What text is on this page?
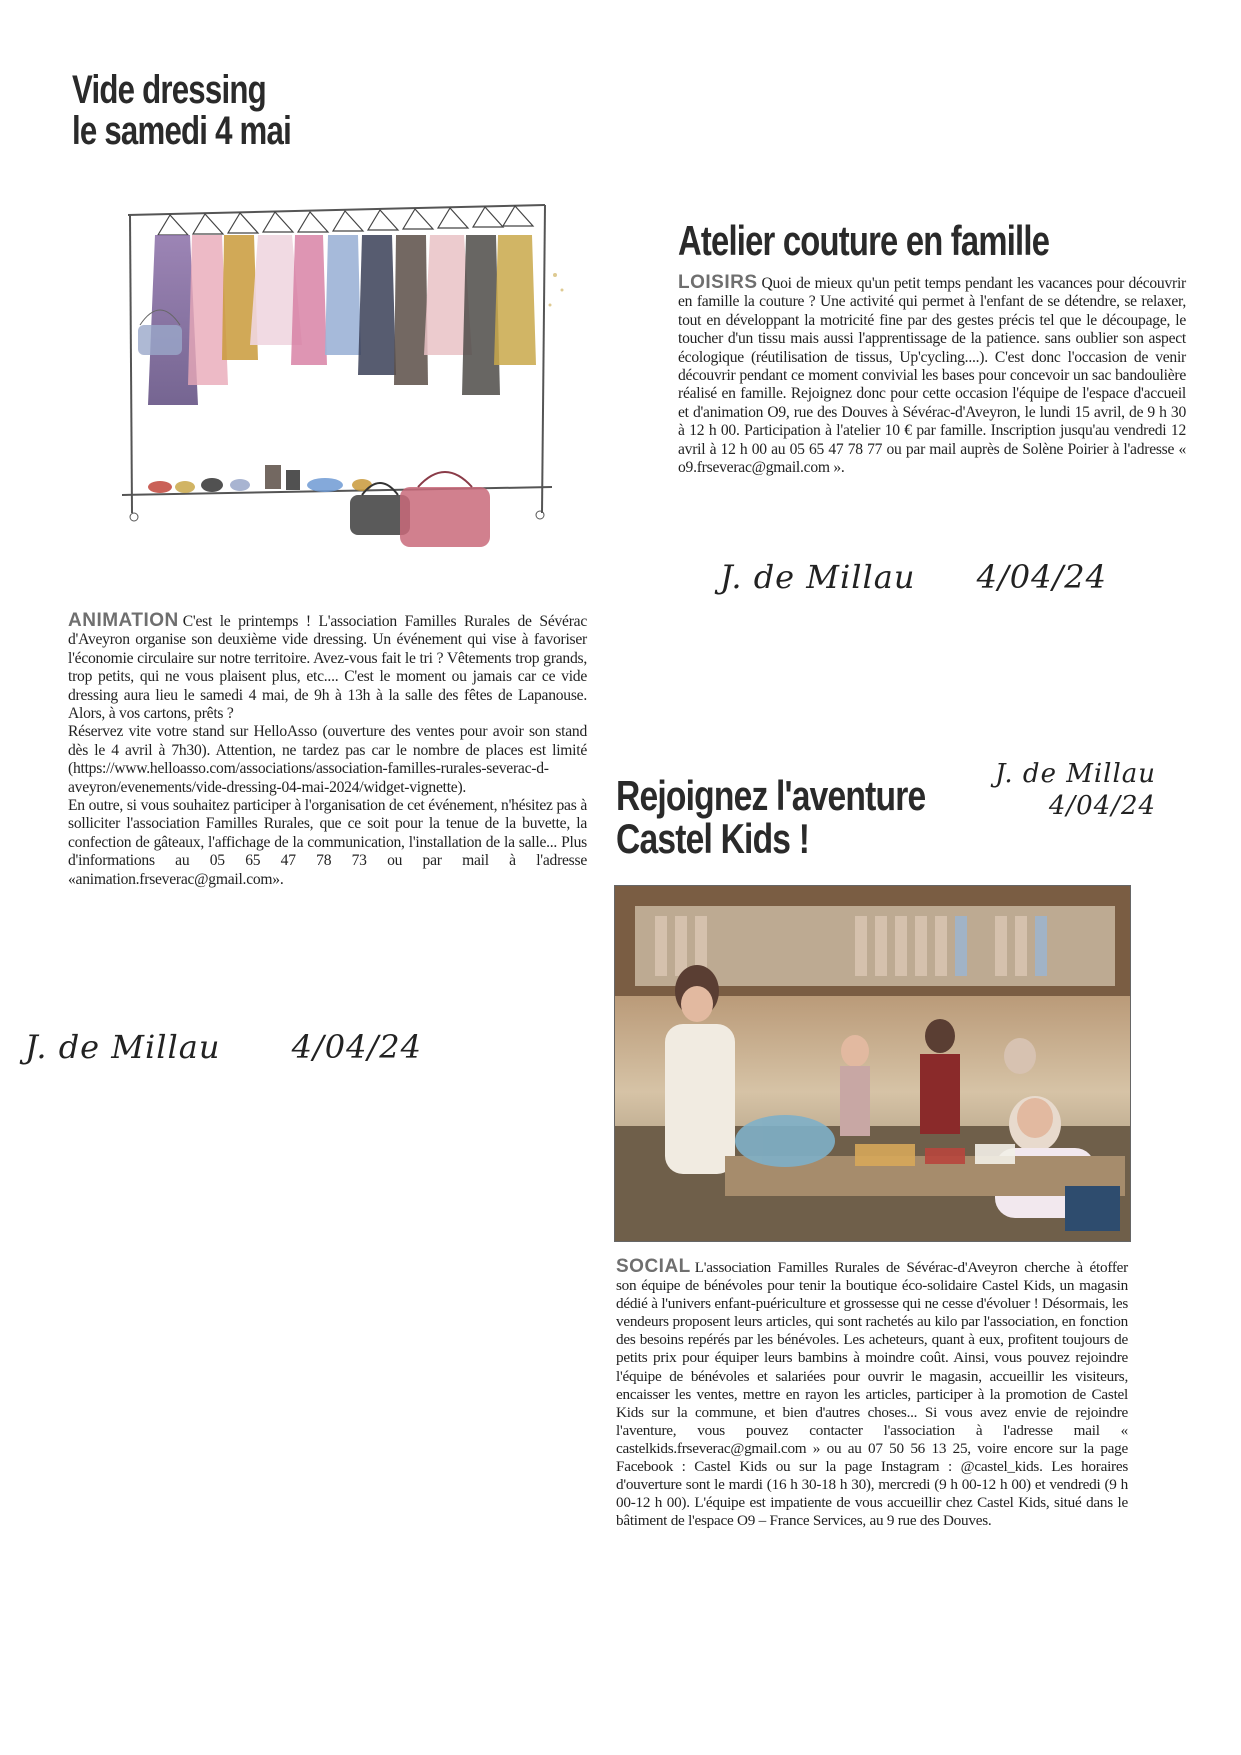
Vide dressing
le samedi 4 mai
ANIMATION C'est le printemps ! L'association Familles Rurales de Sévérac d'Aveyron organise son deuxième vide dressing. Un événement qui vise à favoriser l'économie circulaire sur notre territoire. Avez-vous fait le tri ? Vêtements trop grands, trop petits, qui ne vous plaisent plus, etc.... C'est le moment ou jamais car ce vide dressing aura lieu le samedi 4 mai, de 9h à 13h à la salle des fêtes de Lapanouse. Alors, à vos cartons, prêts ?
Réservez vite votre stand sur HelloAsso (ouverture des ventes pour avoir son stand dès le 4 avril à 7h30). Attention, ne tardez pas car le nombre de places est limité (https://www.helloasso.com/associations/association-familles-rurales-severac-d-aveyron/evenements/vide-dressing-04-mai-2024/widget-vignette).
En outre, si vous souhaitez participer à l'organisation de cet événement, n'hésitez pas à solliciter l'association Familles Rurales, que ce soit pour la tenue de la buvette, la confection de gâteaux, l'affichage de la communication, l'installation de la salle... Plus d'informations au 05 65 47 78 73 ou par mail à l'adresse «animation.frseverac@gmail.com».
J. de Millau 4/04/24
Atelier couture en famille
LOISIRS Quoi de mieux qu'un petit temps pendant les vacances pour découvrir en famille la couture ? Une activité qui permet à l'enfant de se détendre, se relaxer, tout en développant la motricité fine par des gestes précis tel que le découpage, le toucher d'un tissu mais aussi l'apprentissage de la patience. sans oublier son aspect écologique (réutilisation de tissus, Up'cycling....). C'est donc l'occasion de venir découvrir pendant ce moment convivial les bases pour concevoir un sac bandoulière réalisé en famille. Rejoignez donc pour cette occasion l'équipe de l'espace d'accueil et d'animation O9, rue des Douves à Sévérac-d'Aveyron, le lundi 15 avril, de 9 h 30 à 12 h 00. Participation à l'atelier 10 € par famille. Inscription jusqu'au vendredi 12 avril à 12 h 00 au 05 65 47 78 77 ou par mail auprès de Solène Poirier à l'adresse « o9.frseverac@gmail.com ».
J. de Millau 4/04/24
J. de Millau
4/04/24
Rejoignez l'aventure
Castel Kids !
SOCIAL L'association Familles Rurales de Sévérac-d'Aveyron cherche à étoffer son équipe de bénévoles pour tenir la boutique éco-solidaire Castel Kids, un magasin dédié à l'univers enfant-puériculture et grossesse qui ne cesse d'évoluer ! Désormais, les vendeurs proposent leurs articles, qui sont rachetés au kilo par l'association, en fonction des besoins repérés par les bénévoles. Les acheteurs, quant à eux, profitent toujours de petits prix pour équiper leurs bambins à moindre coût. Ainsi, vous pouvez rejoindre l'équipe de bénévoles et salariées pour ouvrir le magasin, accueillir les visiteurs, encaisser les ventes, mettre en rayon les articles, participer à la promotion de Castel Kids sur la commune, et bien d'autres choses... Si vous avez envie de rejoindre l'aventure, vous pouvez contacter l'association à l'adresse mail « castelkids.frseverac@gmail.com » ou au 07 50 56 13 25, voire encore sur la page Facebook : Castel Kids ou sur la page Instagram : @castel_kids. Les horaires d'ouverture sont le mardi (16 h 30-18 h 30), mercredi (9 h 00-12 h 00) et vendredi (9 h 00-12 h 00). L'équipe est impatiente de vous accueillir chez Castel Kids, situé dans le bâtiment de l'espace O9 – France Services, au 9 rue des Douves.
